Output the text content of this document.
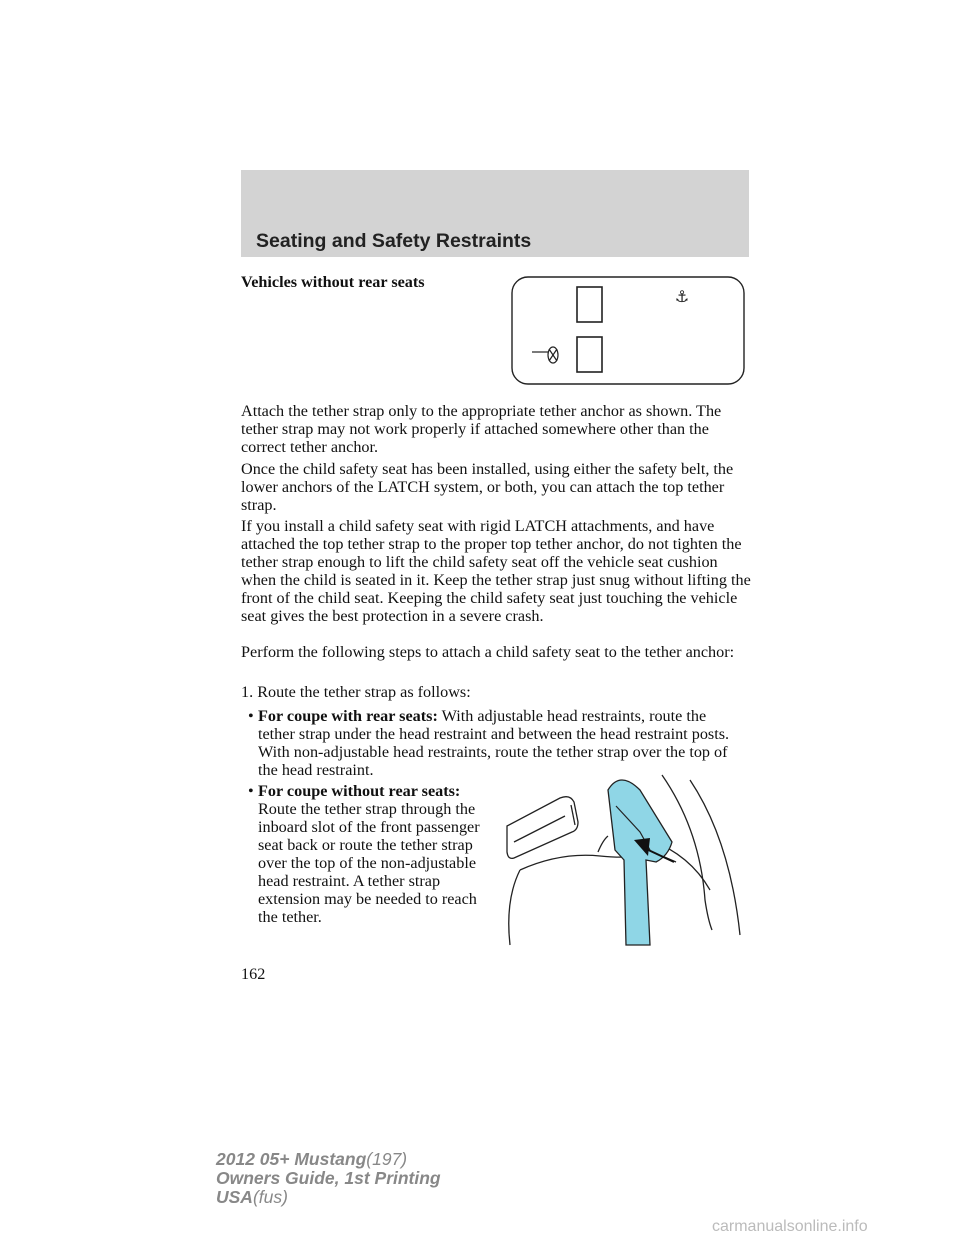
Seating and Safety Restraints
Vehicles without rear seats
⚓
Attach the tether strap only to the appropriate tether anchor as shown. The tether strap may not work properly if attached somewhere other than the correct tether anchor.
Once the child safety seat has been installed, using either the safety belt, the lower anchors of the LATCH system, or both, you can attach the top tether strap.
If you install a child safety seat with rigid LATCH attachments, and have attached the top tether strap to the proper top tether anchor, do not tighten the tether strap enough to lift the child safety seat off the vehicle seat cushion when the child is seated in it. Keep the tether strap just snug without lifting the front of the child seat. Keeping the child safety seat just touching the vehicle seat gives the best protection in a severe crash.
Perform the following steps to attach a child safety seat to the tether anchor:
1. Route the tether strap as follows:
• For coupe with rear seats: With adjustable head restraints, route the tether strap under the head restraint and between the head restraint posts. With non-adjustable head restraints, route the tether strap over the top of the head restraint.
• For coupe without rear seats: Route the tether strap through the inboard slot of the front passenger seat back or route the tether strap over the top of the non-adjustable head restraint. A tether strap extension may be needed to reach the tether.
162
2012 05+ Mustang(197)
Owners Guide, 1st Printing
USA(fus)
carmanualsonline.info
